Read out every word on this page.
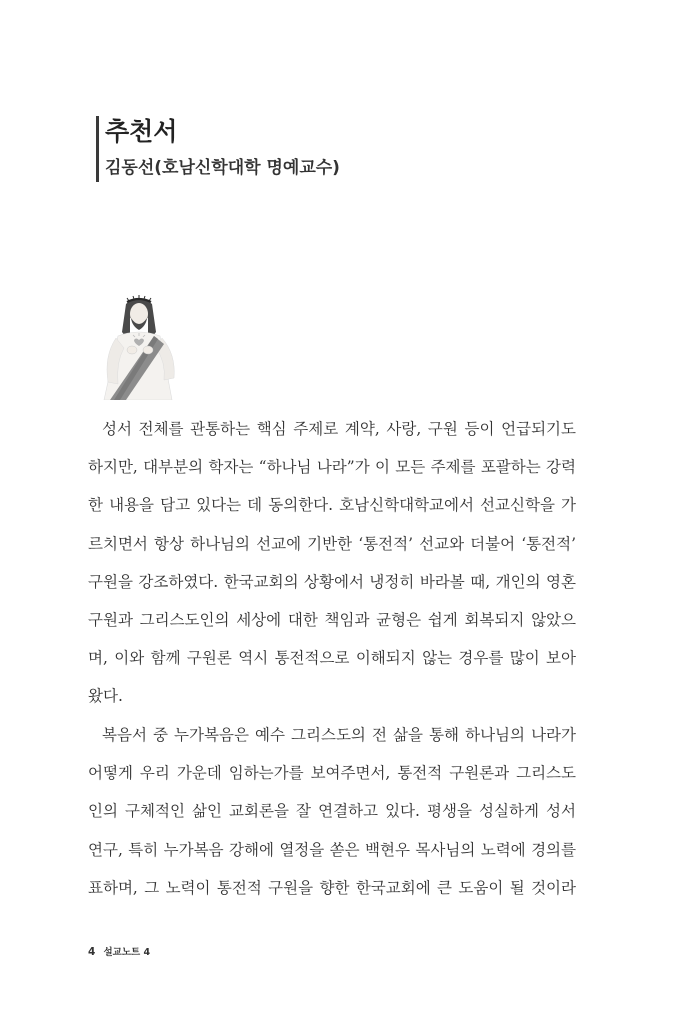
추천서
김동선(호남신학대학 명예교수)
성서 전체를 관통하는 핵심 주제로 계약, 사랑, 구원 등이 언급되기도
하지만, 대부분의 학자는 “하나님 나라”가 이 모든 주제를 포괄하는 강력
한 내용을 담고 있다는 데 동의한다. 호남신학대학교에서 선교신학을 가
르치면서 항상 하나님의 선교에 기반한 ‘통전적’ 선교와 더불어 ‘통전적’
구원을 강조하였다. 한국교회의 상황에서 냉정히 바라볼 때, 개인의 영혼
구원과 그리스도인의 세상에 대한 책임과 균형은 쉽게 회복되지 않았으
며, 이와 함께 구원론 역시 통전적으로 이해되지 않는 경우를 많이 보아
왔다.
복음서 중 누가복음은 예수 그리스도의 전 삶을 통해 하나님의 나라가
어떻게 우리 가운데 임하는가를 보여주면서, 통전적 구원론과 그리스도
인의 구체적인 삶인 교회론을 잘 연결하고 있다. 평생을 성실하게 성서
연구, 특히 누가복음 강해에 열정을 쏟은 백현우 목사님의 노력에 경의를
표하며, 그 노력이 통전적 구원을 향한 한국교회에 큰 도움이 될 것이라
4 설교노트 4
